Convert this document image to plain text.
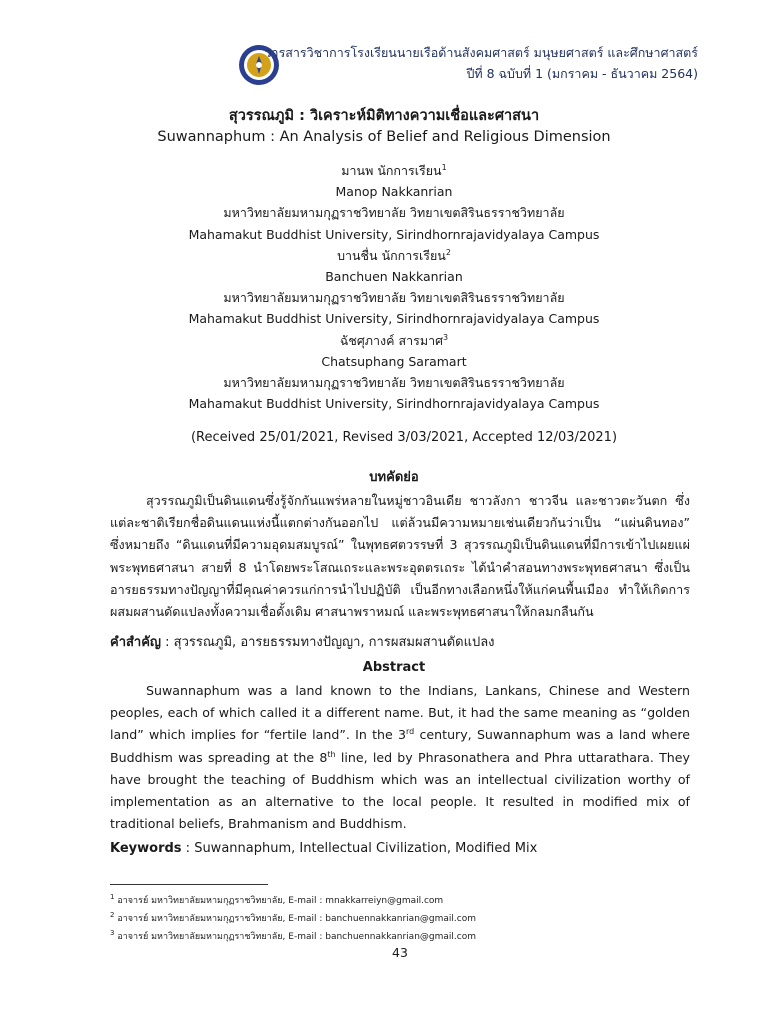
วารสารวิชาการโรงเรียนนายเรือด้านสังคมศาสตร์ มนุษยศาสตร์ และศึกษาศาสตร์
ปีที่ 8 ฉบับที่ 1 (มกราคม - ธันวาคม 2564)
สุวรรณภูมิ : วิเคราะห์มิติทางความเชื่อและศาสนา
Suwannaphum : An Analysis of Belief and Religious Dimension
มานพ นักการเรียน$^1$
Manop Nakkanrian
มหาวิทยาลัยมหามกุฏราชวิทยาลัย วิทยาเขตสิรินธรราชวิทยาลัย
Mahamakut Buddhist University, Sirindhornrajavidyalaya Campus
บานชื่น นักการเรียน$^2$
Banchuen Nakkanrian
มหาวิทยาลัยมหามกุฏราชวิทยาลัย วิทยาเขตสิรินธรราชวิทยาลัย
Mahamakut Buddhist University, Sirindhornrajavidyalaya Campus
ฉัชศุภางค์ สารมาศ$^3$
Chatsuphang Saramart
มหาวิทยาลัยมหามกุฏราชวิทยาลัย วิทยาเขตสิรินธรราชวิทยาลัย
Mahamakut Buddhist University, Sirindhornrajavidyalaya Campus
(Received 25/01/2021, Revised 3/03/2021, Accepted 12/03/2021)
บทคัดย่อ

สุวรรณภูมิเป็นดินแดนซึ่งรู้จักกันแพร่หลายในหมู่ชาวอินเดีย ชาวลังกา ชาวจีน และชาวตะวันตก ซึ่งแต่ละชาติเรียกชื่อดินแดนแห่งนี้แตกต่างกันออกไป แต่ล้วนมีความหมายเช่นเดียวกันว่าเป็น “แผ่นดินทอง” ซึ่งหมายถึง “ดินแดนที่มีความอุดมสมบูรณ์” ในพุทธศตวรรษที่ 3 สุวรรณภูมิเป็นดินแดนที่มีการเข้าไปเผยแผ่พระพุทธศาสนา สายที่ 8 นำโดยพระโสณเถระและพระอุตตรเถระ ได้นำคำสอนทางพระพุทธศาสนา ซึ่งเป็นอารยธรรมทางปัญญาที่มีคุณค่าควรแก่การนำไปปฏิบัติ เป็นอีกทางเลือกหนึ่งให้แก่คนพื้นเมือง ทำให้เกิดการผสมผสานดัดแปลงทั้งความเชื่อดั้งเดิม ศาสนาพราหมณ์ และพระพุทธศาสนาให้กลมกลืนกัน

คำสำคัญ : สุวรรณภูมิ, อารยธรรมทางปัญญา, การผสมผสานดัดแปลง
Abstract

Suwannaphum was a land known to the Indians, Lankans, Chinese and Western peoples, each of which called it a different name. But, it had the same meaning as “golden land” which implies for “fertile land”. In the 3rd century, Suwannaphum was a land where Buddhism was spreading at the 8th line, led by Phrasonathera and Phra uttarathara. They have brought the teaching of Buddhism which was an intellectual civilization worthy of implementation as an alternative to the local people. It resulted in modified mix of traditional beliefs, Brahmanism and Buddhism.

Keywords : Suwannaphum, Intellectual Civilization, Modified Mix
$^1$ อาจารย์ มหาวิทยาลัยมหามกุฏราชวิทยาลัย, E-mail : mnakkarreiyn@gmail.com
$^2$ อาจารย์ มหาวิทยาลัยมหามกุฏราชวิทยาลัย, E-mail : banchuennakkanrian@gmail.com
$^3$ อาจารย์ มหาวิทยาลัยมหามกุฏราชวิทยาลัย, E-mail : banchuennakkanrian@gmail.com
43
